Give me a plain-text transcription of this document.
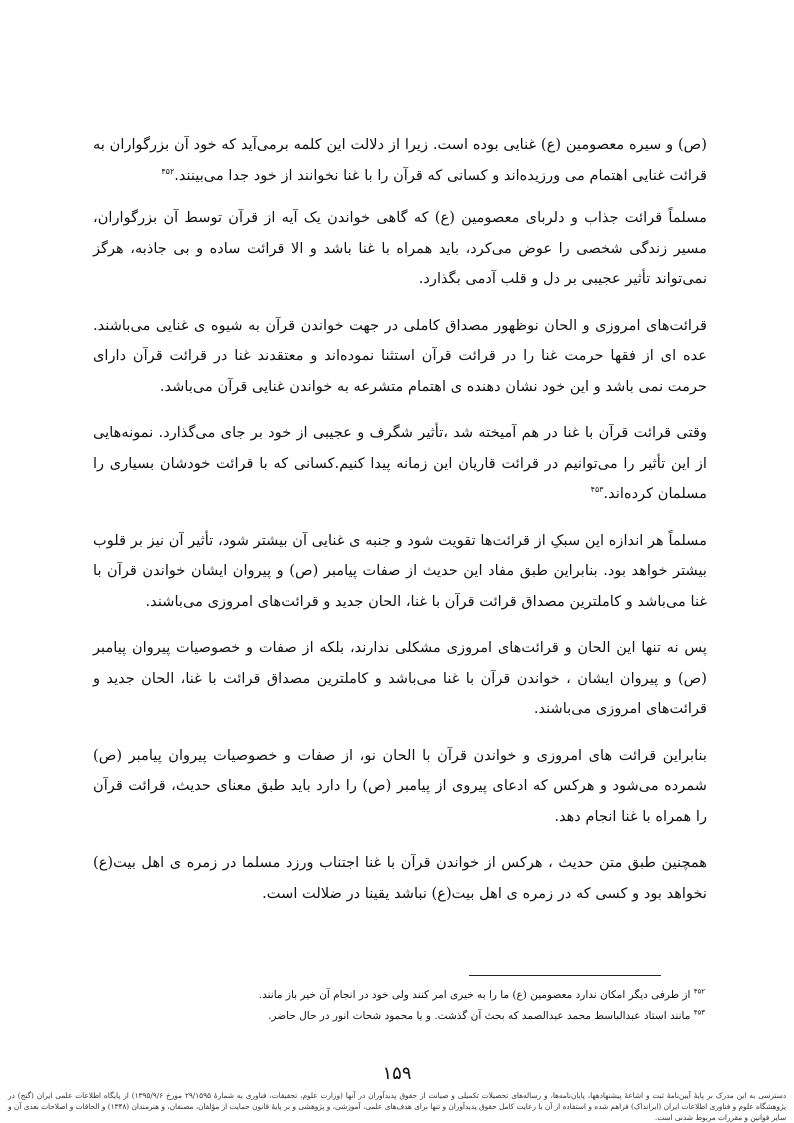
(ص) و سیره معصومین (ع) غنایی بوده است. زیرا از دلالت این کلمه برمی‌آید که خود آن بزرگواران به قرائت غنایی اهتمام می ورزیده‌اند و کسانی که قرآن را با غنا نخوانند از خود جدا می‌بینند.$^{۴۵۲}$

مسلماً قرائت جذاب و دلربای معصومین (ع) که گاهی خواندن یک آیه از قرآن توسط آن بزرگواران، مسیر زندگی شخصی را عوض می‌کرد، باید همراه با غنا باشد و الا قرائت ساده و بی جاذبه، هرگز نمی‌تواند تأثیر عجیبی بر دل و قلب آدمی بگذارد.

قرائت‌های امروزی و الحان نوظهور مصداق کاملی در جهت خواندن قرآن به شیوه ی غنایی می‌باشند. عده ای از فقها حرمت غنا را در قرائت قرآن استثنا نموده‌اند و معتقدند غنا در قرائت قرآن دارای حرمت نمی باشد و این خود نشان دهنده ی اهتمام متشرعه به خواندن غنایی قرآن می‌باشد.

وقتی قرائت قرآن با غنا در هم آمیخته شد ،تأثیر شگرف و عجیبی از خود بر جای می‌گذارد. نمونه‌هایی از این تأثیر را می‌توانیم در قرائت قاریان این زمانه پیدا کنیم.کسانی که با قرائت خودشان بسیاری را مسلمان کرده‌اند.$^{۴۵۳}$

مسلماً هر اندازه این سبکِ از قرائت‌ها تقویت شود و جنبه ی غنایی آن بیشتر شود، تأثیر آن نیز بر قلوب بیشتر خواهد بود. بنابراین طبق مفاد این حدیث از صفات پیامبر (ص) و پیروان ایشان خواندن قرآن با غنا می‌باشد و کاملترین مصداق قرائت قرآن با غنا، الحان جدید و قرائت‌های امروزی می‌باشند.

پس نه تنها این الحان و قرائت‌های امروزی مشکلی ندارند، بلکه از صفات و خصوصیات پیروان پیامبر (ص) و پیروان ایشان ، خواندن قرآن با غنا می‌باشد و کاملترین مصداق قرائت با غنا، الحان جدید و قرائت‌های امروزی می‌باشند.

بنابراین قرائت های امروزی و خواندن قرآن با الحان نو، از صفات و خصوصیات پیروان پیامبر (ص) شمرده می‌شود و هرکس که ادعای پیروی از پیامبر (ص) را دارد باید طبق معنای حدیث، قرائت قرآن را همراه با غنا انجام دهد.

همچنین طبق متن حدیث ، هرکس از خواندن قرآن با غنا اجتناب ورزد مسلما در زمره ی اهل بیت(ع) نخواهد بود و کسی که در زمره ی اهل بیت(ع) نباشد یقینا در ضلالت است.

$^{۴۵۲}$ از طرفی دیگر امکان ندارد معصومین (ع) ما را به خیری امر کنند ولی خود در انجام آن خیر باز مانند.

$^{۴۵۳}$ مانند استاد عبدالباسط محمد عبدالصمد که بحث آن گذشت. و یا محمود شحات انور در حال حاضر.

۱۵۹
دسترسی به این مدرک بر پایهٔ آیین‌نامهٔ ثبت و اشاعهٔ پیشنهادهها، پایان‌نامه‌ها، و رساله‌های تحصیلات تکمیلی و صیانت از حقوق پدیدآوران در آنها (وزارت علوم، تحقیقات، فناوری به شمارهٔ ۲۹/۱۵۹۵ مورخ ۱۳۹۵/۹/۶) از پایگاه اطلاعات علمی ایران (گنج) در پژوهشگاه علوم و فناوری اطلاعات ایران (ایرانداک) فراهم شده و استفاده از آن با رعایت کامل حقوق پدیدآوران و تنها برای هدف‌های علمی، آموزشی، و پژوهشی و بر پایهٔ قانون حمایت از مؤلفان، مصنفان، و هنرمندان (۱۳۴۸) و الحاقات و اصلاحات بعدی آن و سایر قوانین و مقررات مربوط شدنی است.
